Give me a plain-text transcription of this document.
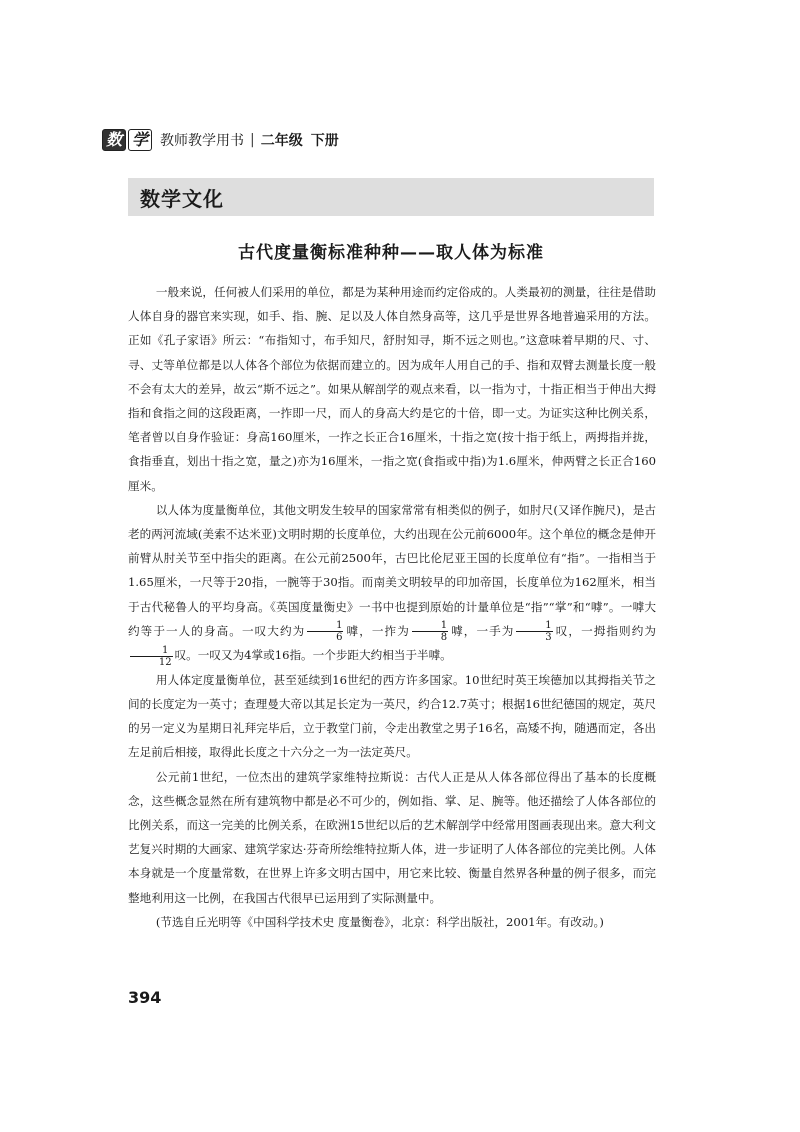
数 学 教师教学用书 | 二年级 下册
数学文化
古代度量衡标准种种——取人体为标准

一般来说，任何被人们采用的单位，都是为某种用途而约定俗成的。人类最初的测量，往往是借助人体自身的器官来实现，如手、指、腕、足以及人体自然身高等，这几乎是世界各地普遍采用的方法。正如《孔子家语》所云：“布指知寸，布手知尺，舒肘知寻，斯不远之则也。”这意味着早期的尺、寸、寻、丈等单位都是以人体各个部位为依据而建立的。因为成年人用自己的手、指和双臂去测量长度一般不会有太大的差异，故云“斯不远之”。如果从解剖学的观点来看，以一指为寸，十指正相当于伸出大拇指和食指之间的这段距离，一拃即一尺，而人的身高大约是它的十倍，即一丈。为证实这种比例关系，笔者曾以自身作验证：身高160厘米，一拃之长正合16厘米，十指之宽(按十指于纸上，两拇指并拢，食指垂直，划出十指之宽，量之)亦为16厘米，一指之宽(食指或中指)为1.6厘米，伸两臂之长正合160厘米。

以人体为度量衡单位，其他文明发生较早的国家常常有相类似的例子，如肘尺(又译作腕尺)，是古老的两河流域(美索不达米亚)文明时期的长度单位，大约出现在公元前6000年。这个单位的概念是伸开前臂从肘关节至中指尖的距离。在公元前2500年，古巴比伦尼亚王国的长度单位有“指”。一指相当于1.65厘米，一尺等于20指，一腕等于30指。而南美文明较早的印加帝国，长度单位为162厘米，相当于古代秘鲁人的平均身高。《英国度量衡史》一书中也提到原始的计量单位是“指”“掌”和“嘑”。一嘑大约等于一人的身高。一叹大约为 $\frac{1}{6}$ 嘑，一拃为 $\frac{1}{8}$ 嘑，一手为 $\frac{1}{3}$ 叹，一拇指则约为
$\frac{1}{12}$ 叹。一叹又为4掌或16指。一个步距大约相当于半嘑。

用人体定度量衡单位，甚至延续到16世纪的西方许多国家。10世纪时英王埃德加以其拇指关节之间的长度定为一英寸；查理曼大帝以其足长定为一英尺，约合12.7英寸；根据16世纪德国的规定，英尺的另一定义为星期日礼拜完毕后，立于教堂门前，令走出教堂之男子16名，高矮不拘，随遇而定，各出左足前后相接，取得此长度之十六分之一为一法定英尺。

公元前1世纪，一位杰出的建筑学家维特拉斯说：古代人正是从人体各部位得出了基本的长度概念，这些概念显然在所有建筑物中都是必不可少的，例如指、掌、足、腕等。他还描绘了人体各部位的比例关系，而这一完美的比例关系，在欧洲15世纪以后的艺术解剖学中经常用图画表现出来。意大利文艺复兴时期的大画家、建筑学家达·芬奇所绘维特拉斯人体，进一步证明了人体各部位的完美比例。人体本身就是一个度量常数，在世界上许多文明古国中，用它来比较、衡量自然界各种量的例子很多，而完整地利用这一比例，在我国古代很早已运用到了实际测量中。

(节选自丘光明等《中国科学技术史 度量衡卷》，北京：科学出版社，2001年。有改动。)

394
